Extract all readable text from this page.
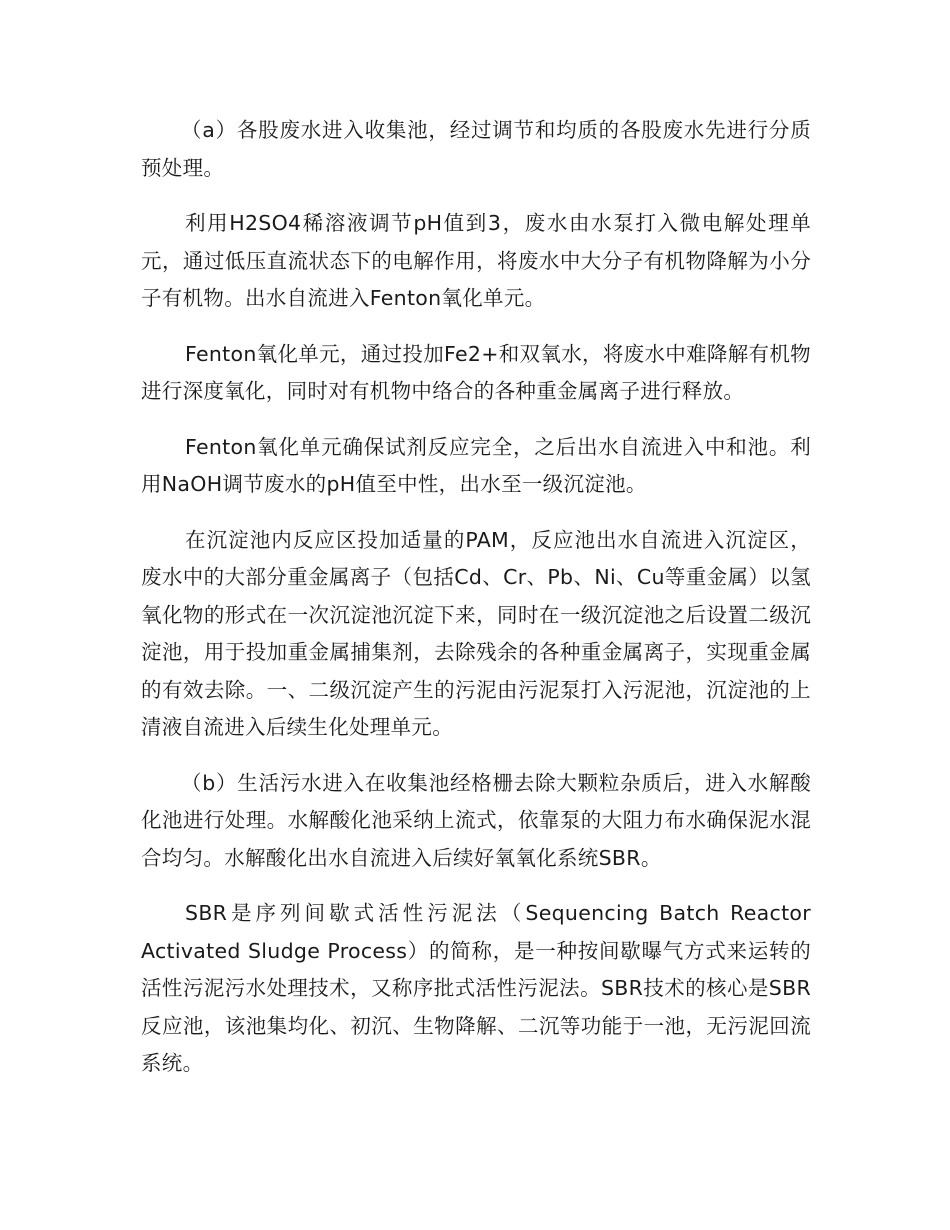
（a）各股废水进入收集池，经过调节和均质的各股废水先进行分质预处理。

利用H2SO4稀溶液调节pH值到3，废水由水泵打入微电解处理单元，通过低压直流状态下的电解作用，将废水中大分子有机物降解为小分子有机物。出水自流进入Fenton氧化单元。

Fenton氧化单元，通过投加Fe2+和双氧水，将废水中难降解有机物进行深度氧化，同时对有机物中络合的各种重金属离子进行释放。

Fenton氧化单元确保试剂反应完全，之后出水自流进入中和池。利用NaOH调节废水的pH值至中性，出水至一级沉淀池。

在沉淀池内反应区投加适量的PAM，反应池出水自流进入沉淀区，废水中的大部分重金属离子（包括Cd、Cr、Pb、Ni、Cu等重金属）以氢氧化物的形式在一次沉淀池沉淀下来，同时在一级沉淀池之后设置二级沉淀池，用于投加重金属捕集剂，去除残余的各种重金属离子，实现重金属的有效去除。一、二级沉淀产生的污泥由污泥泵打入污泥池，沉淀池的上清液自流进入后续生化处理单元。

（b）生活污水进入在收集池经格栅去除大颗粒杂质后，进入水解酸化池进行处理。水解酸化池采纳上流式，依靠泵的大阻力布水确保泥水混合均匀。水解酸化出水自流进入后续好氧氧化系统SBR。

SBR是序列间歇式活性污泥法（Sequencing Batch Reactor Activated Sludge Process）的简称，是一种按间歇曝气方式来运转的活性污泥污水处理技术，又称序批式活性污泥法。SBR技术的核心是SBR反应池，该池集均化、初沉、生物降解、二沉等功能于一池，无污泥回流系统。
